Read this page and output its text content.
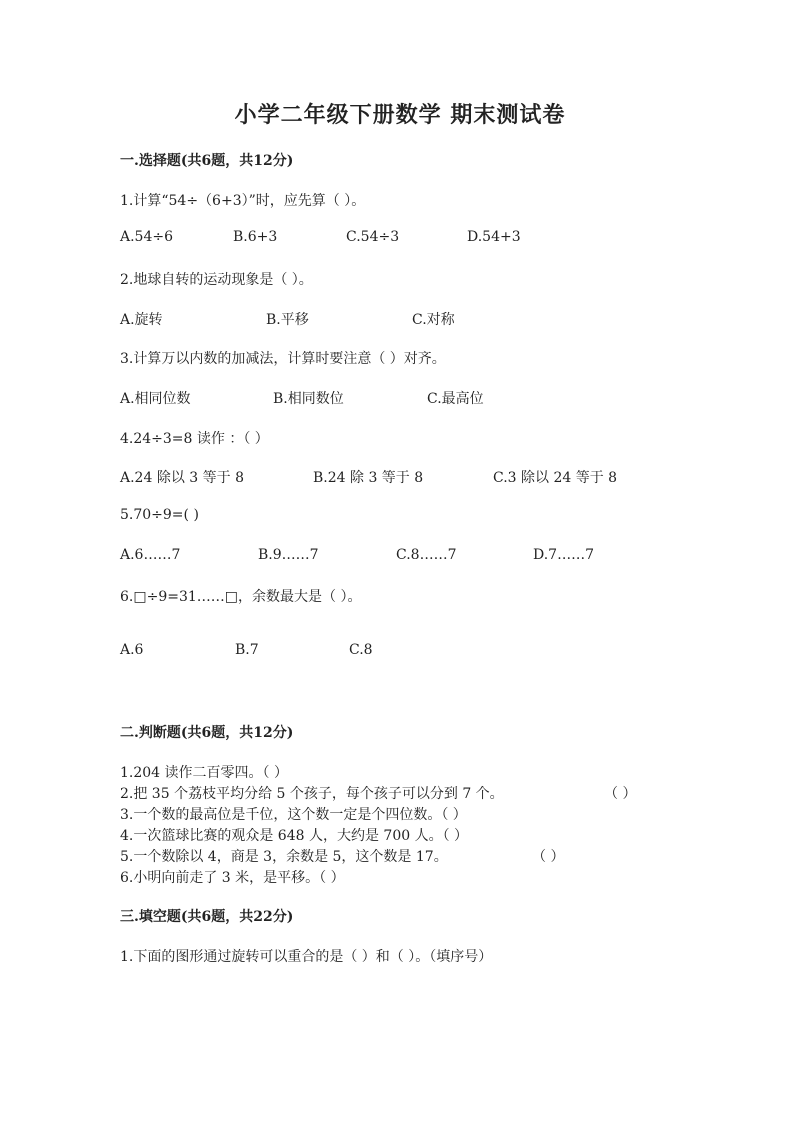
小学二年级下册数学 期末测试卷
一.选择题(共6题，共12分)
1.计算“54÷（6+3）”时，应先算（ ）。
A.54÷6	B.6+3	C.54÷3	D.54+3
2.地球自转的运动现象是（ ）。
A.旋转	B.平移	C.对称
3.计算万以内数的加减法，计算时要注意（ ）对齐。
A.相同位数	B.相同数位	C.最高位
4.24÷3=8 读作 ：（ ）
A.24 除以 3 等于 8	B.24 除 3 等于 8	C.3 除以 24 等于 8
5.70÷9=( )
A.6……7	B.9……7	C.8……7	D.7……7
6.□÷9=31……□，余数最大是（ ）。
A.6	B.7	C.8
二.判断题(共6题，共12分)
1.204 读作二百零四。（ ）
2.把 35 个荔枝平均分给 5 个孩子，每个孩子可以分到 7 个。	（ ）
3.一个数的最高位是千位，这个数一定是个四位数。（ ）
4.一次篮球比赛的观众是 648 人，大约是 700 人。（ ）
5.一个数除以 4，商是 3，余数是 5，这个数是 17。	（ ）
6.小明向前走了 3 米，是平移。（ ）
三.填空题(共6题，共22分)
1.下面的图形通过旋转可以重合的是（ ）和（ ）。（填序号）
